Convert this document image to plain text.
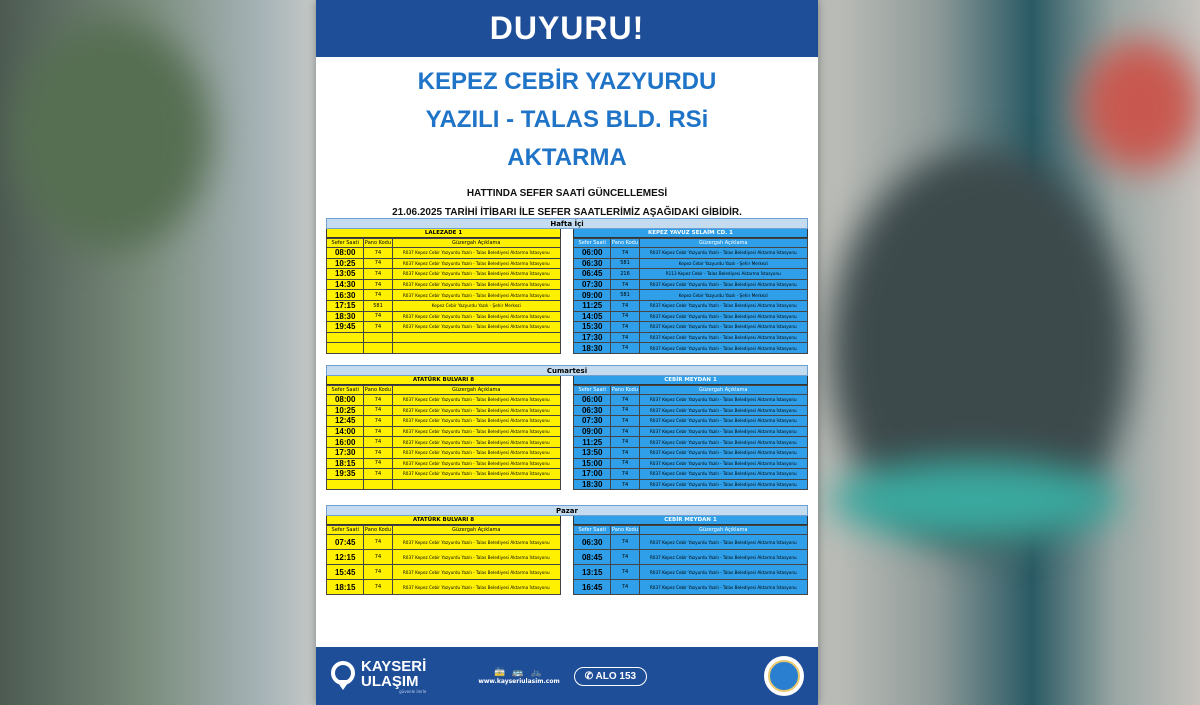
DUYURU!
KEPEZ CEBİR YAZYURDU
YAZILI - TALAS BLD. RSi
AKTARMA
HATTINDA SEFER SAATİ GÜNCELLEMESİ
21.06.2025 TARİHİ İTİBARI İLE SEFER SAATLERİMİZ AŞAĞIDAKİ GİBİDİR.
Hafta İçi
LALEZADE 1
Sefer Saati	Pano Kodu	Güzergah Açıklama
08:00	74	R037 Kepez Cebir Yazyurdu Yazılı - Talas Belediyesi Aktarma İstasyonu
10:25	74	R037 Kepez Cebir Yazyurdu Yazılı - Talas Belediyesi Aktarma İstasyonu
13:05	74	R037 Kepez Cebir Yazyurdu Yazılı - Talas Belediyesi Aktarma İstasyonu
14:30	74	R037 Kepez Cebir Yazyurdu Yazılı - Talas Belediyesi Aktarma İstasyonu
16:30	74	R037 Kepez Cebir Yazyurdu Yazılı - Talas Belediyesi Aktarma İstasyonu
17:15	581	Kepez Cebir Yazyurdu Yazılı - Şehir Merkezi
18:30	74	R037 Kepez Cebir Yazyurdu Yazılı - Talas Belediyesi Aktarma İstasyonu
19:45	74	R037 Kepez Cebir Yazyurdu Yazılı - Talas Belediyesi Aktarma İstasyonu

KEPEZ YAVUZ SELAİM CD. 1
Sefer Saati	Pano Kodu	Güzergah Açıklama
06:00	74	R037 Kepez Cebir Yazyurdu Yazılı - Talas Belediyesi Aktarma İstasyonu
06:30	581	Kepez Cebir Yazyurdu Yazılı - Şehir Merkezi
06:45	216	R113 Kepez Cebir - Talas Belediyesi Aktarma İstasyonu
07:30	74	R037 Kepez Cebir Yazyurdu Yazılı - Talas Belediyesi Aktarma İstasyonu
09:00	581	Kepez Cebir Yazyurdu Yazılı - Şehir Merkezi
11:25	74	R037 Kepez Cebir Yazyurdu Yazılı - Talas Belediyesi Aktarma İstasyonu
14:05	74	R037 Kepez Cebir Yazyurdu Yazılı - Talas Belediyesi Aktarma İstasyonu
15:30	74	R037 Kepez Cebir Yazyurdu Yazılı - Talas Belediyesi Aktarma İstasyonu
17:30	74	R037 Kepez Cebir Yazyurdu Yazılı - Talas Belediyesi Aktarma İstasyonu
18:30	74	R037 Kepez Cebir Yazyurdu Yazılı - Talas Belediyesi Aktarma İstasyonu
Cumartesi
ATATÜRK BULVARI 8
Sefer Saati	Pano Kodu	Güzergah Açıklama
08:00	74	R037 Kepez Cebir Yazyurdu Yazılı - Talas Belediyesi Aktarma İstasyonu
10:25	74	R037 Kepez Cebir Yazyurdu Yazılı - Talas Belediyesi Aktarma İstasyonu
12:45	74	R037 Kepez Cebir Yazyurdu Yazılı - Talas Belediyesi Aktarma İstasyonu
14:00	74	R037 Kepez Cebir Yazyurdu Yazılı - Talas Belediyesi Aktarma İstasyonu
16:00	74	R037 Kepez Cebir Yazyurdu Yazılı - Talas Belediyesi Aktarma İstasyonu
17:30	74	R037 Kepez Cebir Yazyurdu Yazılı - Talas Belediyesi Aktarma İstasyonu
18:15	74	R037 Kepez Cebir Yazyurdu Yazılı - Talas Belediyesi Aktarma İstasyonu
19:35	74	R037 Kepez Cebir Yazyurdu Yazılı - Talas Belediyesi Aktarma İstasyonu

CEBİR MEYDAN 1
Sefer Saati	Pano Kodu	Güzergah Açıklama
06:00	74	R037 Kepez Cebir Yazyurdu Yazılı - Talas Belediyesi Aktarma İstasyonu
06:30	74	R037 Kepez Cebir Yazyurdu Yazılı - Talas Belediyesi Aktarma İstasyonu
07:30	74	R037 Kepez Cebir Yazyurdu Yazılı - Talas Belediyesi Aktarma İstasyonu
09:00	74	R037 Kepez Cebir Yazyurdu Yazılı - Talas Belediyesi Aktarma İstasyonu
11:25	74	R037 Kepez Cebir Yazyurdu Yazılı - Talas Belediyesi Aktarma İstasyonu
13:50	74	R037 Kepez Cebir Yazyurdu Yazılı - Talas Belediyesi Aktarma İstasyonu
15:00	74	R037 Kepez Cebir Yazyurdu Yazılı - Talas Belediyesi Aktarma İstasyonu
17:00	74	R037 Kepez Cebir Yazyurdu Yazılı - Talas Belediyesi Aktarma İstasyonu
18:30	74	R037 Kepez Cebir Yazyurdu Yazılı - Talas Belediyesi Aktarma İstasyonu
Pazar
ATATÜRK BULVARI 8
Sefer Saati	Pano Kodu	Güzergah Açıklama
07:45	74	R037 Kepez Cebir Yazyurdu Yazılı - Talas Belediyesi Aktarma İstasyonu
12:15	74	R037 Kepez Cebir Yazyurdu Yazılı - Talas Belediyesi Aktarma İstasyonu
15:45	74	R037 Kepez Cebir Yazyurdu Yazılı - Talas Belediyesi Aktarma İstasyonu
18:15	74	R037 Kepez Cebir Yazyurdu Yazılı - Talas Belediyesi Aktarma İstasyonu
CEBİR MEYDAN 1
Sefer Saati	Pano Kodu	Güzergah Açıklama
06:30	74	R037 Kepez Cebir Yazyurdu Yazılı - Talas Belediyesi Aktarma İstasyonu
08:45	74	R037 Kepez Cebir Yazyurdu Yazılı - Talas Belediyesi Aktarma İstasyonu
13:15	74	R037 Kepez Cebir Yazyurdu Yazılı - Talas Belediyesi Aktarma İstasyonu
16:45	74	R037 Kepez Cebir Yazyurdu Yazılı - Talas Belediyesi Aktarma İstasyonu
KAYSERİ
ULAŞIM
güvenle ilerle
🚋 🚌 🚲
www.kayseriulasim.com	✆ ALO 153
